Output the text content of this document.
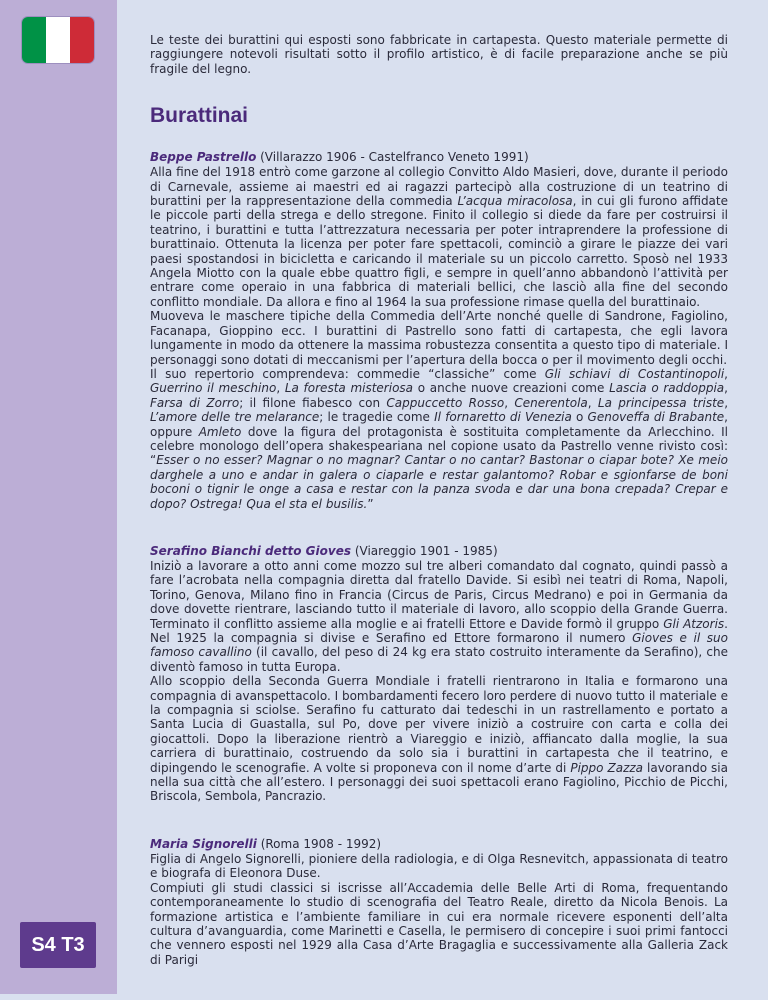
S4 T3

Le teste dei burattini qui esposti sono fabbricate in cartapesta. Questo materiale permette di raggiungere notevoli risultati sotto il profilo artistico, è di facile preparazione anche se più fragile del legno.

Burattinai

Beppe Pastrello (Villarazzo 1906 - Castelfranco Veneto 1991)

Alla fine del 1918 entrò come garzone al collegio Convitto Aldo Masieri, dove, durante il periodo di Carnevale, assieme ai maestri ed ai ragazzi partecipò alla costruzione di un teatrino di burattini per la rappresentazione della commedia L’acqua miracolosa, in cui gli furono affidate le piccole parti della strega e dello stregone. Finito il collegio si diede da fare per costruirsi il teatrino, i burattini e tutta l’attrezzatura necessaria per poter intraprendere la professione di burattinaio. Ottenuta la licenza per poter fare spettacoli, cominciò a girare le piazze dei vari paesi spostandosi in bicicletta e caricando il materiale su un piccolo carretto. Sposò nel 1933 Angela Miotto con la quale ebbe quattro figli, e sempre in quell’anno abbandonò l’attività per entrare come operaio in una fabbrica di materiali bellici, che lasciò alla fine del secondo conflitto mondiale. Da allora e fino al 1964 la sua professione rimase quella del burattinaio.

Muoveva le maschere tipiche della Commedia dell’Arte nonché quelle di Sandrone, Fagiolino, Facanapa, Gioppino ecc. I burattini di Pastrello sono fatti di cartapesta, che egli lavora lungamente in modo da ottenere la massima robustezza consentita a questo tipo di materiale. I personaggi sono dotati di meccanismi per l’apertura della bocca o per il movimento degli occhi.

Il suo repertorio comprendeva: commedie “classiche” come Gli schiavi di Costantinopoli, Guerrino il meschino, La foresta misteriosa o anche nuove creazioni come Lascia o raddoppia, Farsa di Zorro; il filone fiabesco con Cappuccetto Rosso, Cenerentola, La principessa triste, L’amore delle tre melarance; le tragedie come Il fornaretto di Venezia o Genoveffa di Brabante, oppure Amleto dove la figura del protagonista è sostituita completamente da Arlecchino. Il celebre monologo dell’opera shakespeariana nel copione usato da Pastrello venne rivisto così: “Esser o no esser? Magnar o no magnar? Cantar o no cantar? Bastonar o ciapar bote? Xe meio darghele a uno e andar in galera o ciaparle e restar galantomo? Robar e sgionfarse de boni boconi o tignir le onge a casa e restar con la panza svoda e dar una bona crepada? Crepar e dopo? Ostrega! Qua el sta el busilis.”

Serafino Bianchi detto Gioves (Viareggio 1901 - 1985)

Iniziò a lavorare a otto anni come mozzo sul tre alberi comandato dal cognato, quindi passò a fare l’acrobata nella compagnia diretta dal fratello Davide. Si esibì nei teatri di Roma, Napoli, Torino, Genova, Milano fino in Francia (Circus de Paris, Circus Medrano) e poi in Germania da dove dovette rientrare, lasciando tutto il materiale di lavoro, allo scoppio della Grande Guerra. Terminato il conflitto assieme alla moglie e ai fratelli Ettore e Davide formò il gruppo Gli Atzoris. Nel 1925 la compagnia si divise e Serafino ed Ettore formarono il numero Gioves e il suo famoso cavallino (il cavallo, del peso di 24 kg era stato costruito interamente da Serafino), che diventò famoso in tutta Europa.

Allo scoppio della Seconda Guerra Mondiale i fratelli rientrarono in Italia e formarono una compagnia di avanspettacolo. I bombardamenti fecero loro perdere di nuovo tutto il materiale e la compagnia si sciolse. Serafino fu catturato dai tedeschi in un rastrellamento e portato a Santa Lucia di Guastalla, sul Po, dove per vivere iniziò a costruire con carta e colla dei giocattoli. Dopo la liberazione rientrò a Viareggio e iniziò, affiancato dalla moglie, la sua carriera di burattinaio, costruendo da solo sia i burattini in cartapesta che il teatrino, e dipingendo le scenografie. A volte si proponeva con il nome d’arte di Pippo Zazza lavorando sia nella sua città che all’estero. I personaggi dei suoi spettacoli erano Fagiolino, Picchio de Picchi, Briscola, Sembola, Pancrazio.

Maria Signorelli (Roma 1908 - 1992)

Figlia di Angelo Signorelli, pioniere della radiologia, e di Olga Resnevitch, appassionata di teatro e biografa di Eleonora Duse.

Compiuti gli studi classici si iscrisse all’Accademia delle Belle Arti di Roma, frequentando contemporaneamente lo studio di scenografia del Teatro Reale, diretto da Nicola Benois. La formazione artistica e l’ambiente familiare in cui era normale ricevere esponenti dell’alta cultura d’avanguardia, come Marinetti e Casella, le permisero di concepire i suoi primi fantocci che vennero esposti nel 1929 alla Casa d’Arte Bragaglia e successivamente alla Galleria Zack di Parigi
